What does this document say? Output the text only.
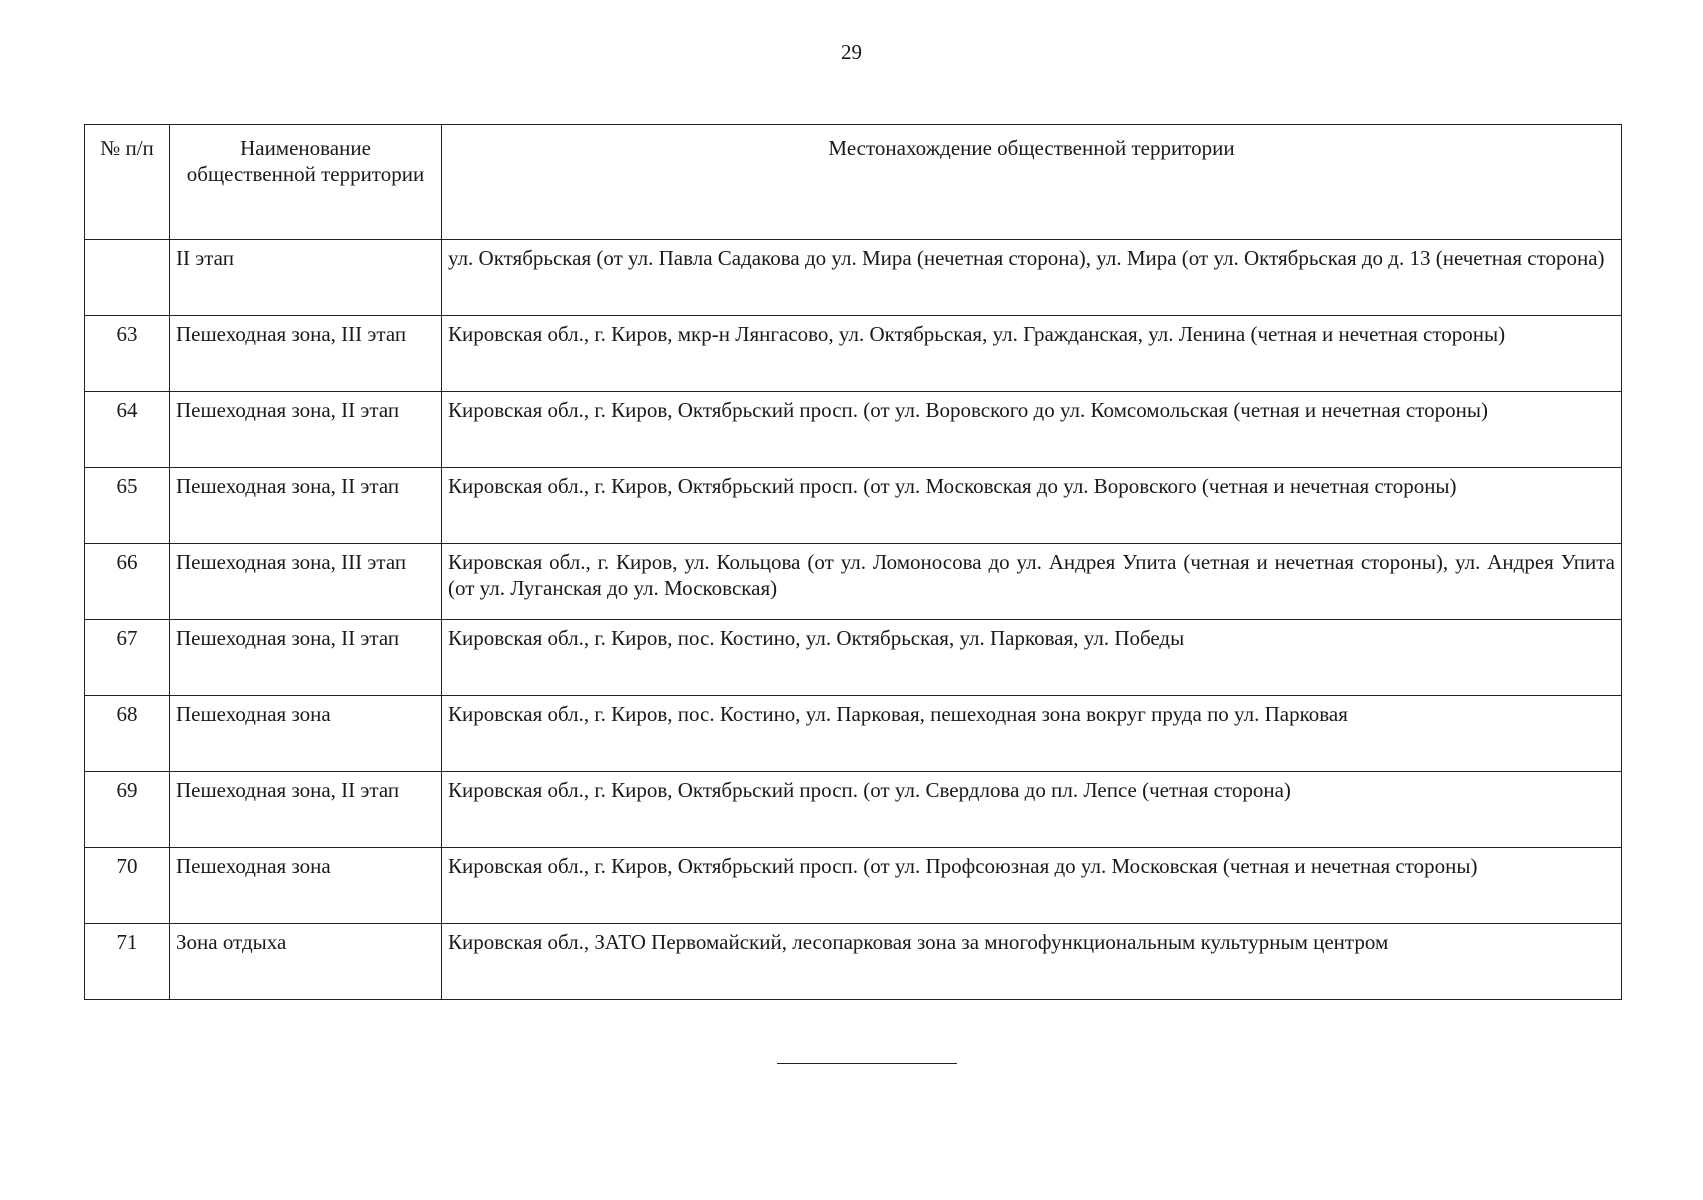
29
№ п/п	Наименование общественной территории	Местонахождение общественной территории
	II этап	ул. Октябрьская (от ул. Павла Садакова до ул. Мира (нечетная сторона), ул. Мира (от ул. Октябрьская до д. 13 (нечетная сторона)
63	Пешеходная зона, III этап	Кировская обл., г. Киров, мкр-н Лянгасово, ул. Октябрьская, ул. Гражданская, ул. Ленина (четная и нечетная стороны)
64	Пешеходная зона, II этап	Кировская обл., г. Киров, Октябрьский просп. (от ул. Воровского до ул. Комсомольская (четная и нечетная стороны)
65	Пешеходная зона, II этап	Кировская обл., г. Киров, Октябрьский просп. (от ул. Московская до ул. Воровского (четная и нечетная стороны)
66	Пешеходная зона, III этап	Кировская обл., г. Киров, ул. Кольцова (от ул. Ломоносова до ул. Андрея Упита (четная и нечетная стороны), ул. Андрея Упита (от ул. Луганская до ул. Московская)
67	Пешеходная зона, II этап	Кировская обл., г. Киров, пос. Костино, ул. Октябрьская, ул. Парковая, ул. Победы
68	Пешеходная зона	Кировская обл., г. Киров, пос. Костино, ул. Парковая, пешеходная зона вокруг пруда по ул. Парковая
69	Пешеходная зона, II этап	Кировская обл., г. Киров, Октябрьский просп. (от ул. Свердлова до пл. Лепсе (четная сторона)
70	Пешеходная зона	Кировская обл., г. Киров, Октябрьский просп. (от ул. Профсоюзная до ул. Московская (четная и нечетная стороны)
71	Зона отдыха	Кировская обл., ЗАТО Первомайский, лесопарковая зона за многофункциональным культурным центром
